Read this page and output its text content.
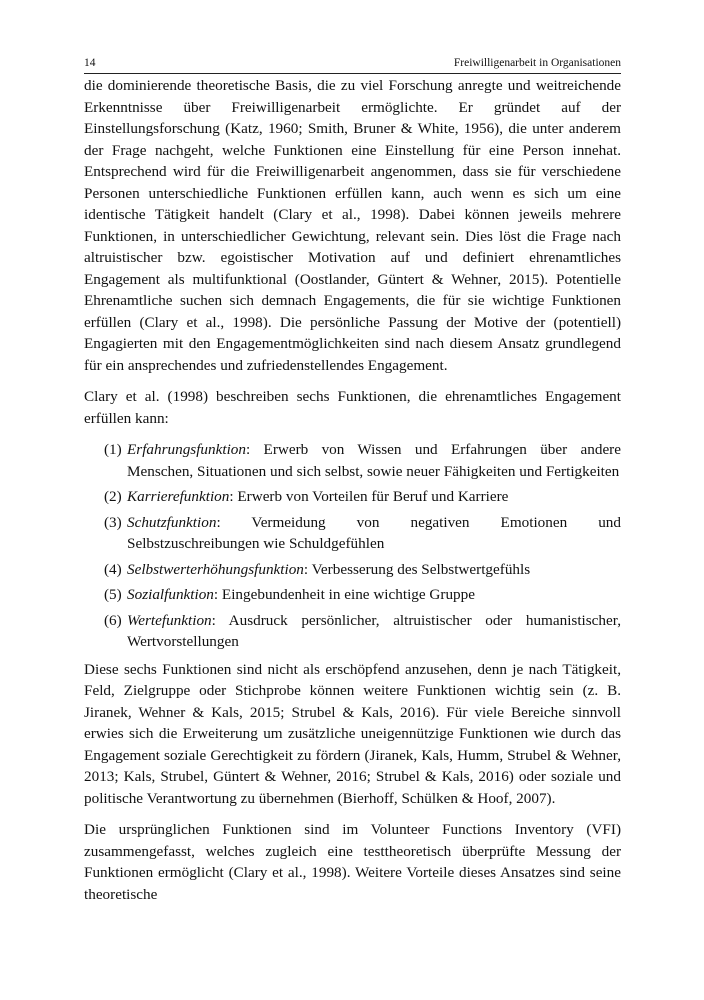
14	Freiwilligenarbeit in Organisationen

die dominierende theoretische Basis, die zu viel Forschung anregte und weitreichende Erkenntnisse über Freiwilligenarbeit ermöglichte. Er gründet auf der Einstellungsforschung (Katz, 1960; Smith, Bruner & White, 1956), die unter anderem der Frage nachgeht, welche Funktionen eine Einstellung für eine Person innehat. Entsprechend wird für die Freiwilligenarbeit angenommen, dass sie für verschiedene Personen unterschiedliche Funktionen erfüllen kann, auch wenn es sich um eine identische Tätigkeit handelt (Clary et al., 1998). Dabei können jeweils mehrere Funktionen, in unterschiedlicher Gewichtung, relevant sein. Dies löst die Frage nach altruistischer bzw. egoistischer Motivation auf und definiert ehrenamtliches Engagement als multifunktional (Oostlander, Güntert & Wehner, 2015). Potentielle Ehrenamtliche suchen sich demnach Engagements, die für sie wichtige Funktionen erfüllen (Clary et al., 1998). Die persönliche Passung der Motive der (potentiell) Engagierten mit den Engagementmöglichkeiten sind nach diesem Ansatz grundlegend für ein ansprechendes und zufriedenstellendes Engagement.

Clary et al. (1998) beschreiben sechs Funktionen, die ehrenamtliches Engagement erfüllen kann:

(1) Erfahrungsfunktion: Erwerb von Wissen und Erfahrungen über andere Menschen, Situationen und sich selbst, sowie neuer Fähigkeiten und Fertigkeiten
(2) Karrierefunktion: Erwerb von Vorteilen für Beruf und Karriere
(3) Schutzfunktion: Vermeidung von negativen Emotionen und Selbstzuschreibungen wie Schuldgefühlen
(4) Selbstwerterhöhungsfunktion: Verbesserung des Selbstwertgefühls
(5) Sozialfunktion: Eingebundenheit in eine wichtige Gruppe
(6) Wertefunktion: Ausdruck persönlicher, altruistischer oder humanistischer, Wertvorstellungen

Diese sechs Funktionen sind nicht als erschöpfend anzusehen, denn je nach Tätigkeit, Feld, Zielgruppe oder Stichprobe können weitere Funktionen wichtig sein (z. B. Jiranek, Wehner & Kals, 2015; Strubel & Kals, 2016). Für viele Bereiche sinnvoll erwies sich die Erweiterung um zusätzliche uneigennützige Funktionen wie durch das Engagement soziale Gerechtigkeit zu fördern (Jiranek, Kals, Humm, Strubel & Wehner, 2013; Kals, Strubel, Güntert & Wehner, 2016; Strubel & Kals, 2016) oder soziale und politische Verantwortung zu übernehmen (Bierhoff, Schülken & Hoof, 2007).

Die ursprünglichen Funktionen sind im Volunteer Functions Inventory (VFI) zusammengefasst, welches zugleich eine testtheoretisch überprüfte Messung der Funktionen ermöglicht (Clary et al., 1998). Weitere Vorteile dieses Ansatzes sind seine theoretische
